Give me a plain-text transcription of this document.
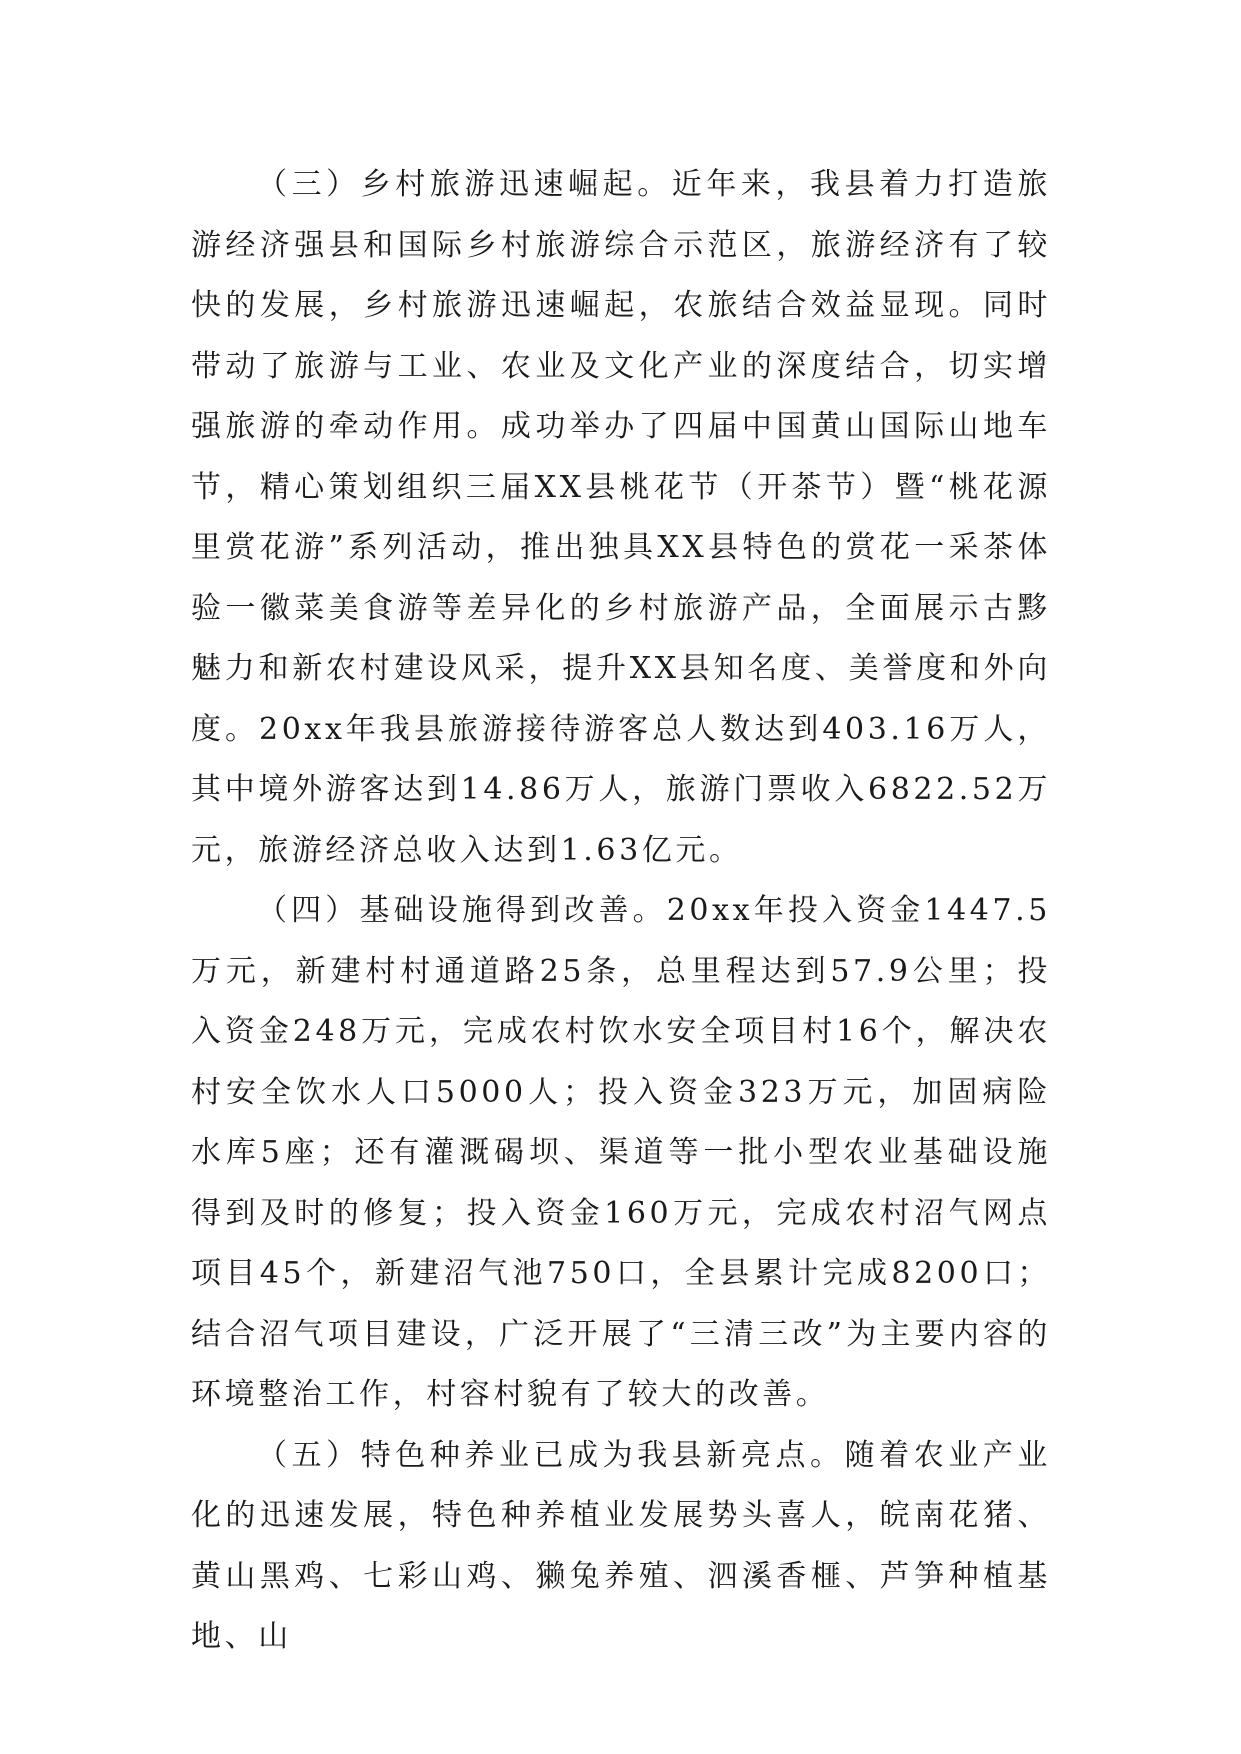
（三）乡村旅游迅速崛起。近年来，我县着力打造旅游经济强县和国际乡村旅游综合示范区，旅游经济有了较快的发展，乡村旅游迅速崛起，农旅结合效益显现。同时带动了旅游与工业、农业及文化产业的深度结合，切实增强旅游的牵动作用。成功举办了四届中国黄山国际山地车节，精心策划组织三届XX县桃花节（开茶节）暨“桃花源里赏花游”系列活动，推出独具XX县特色的赏花一采茶体验一徽菜美食游等差异化的乡村旅游产品，全面展示古黟魅力和新农村建设风采，提升XX县知名度、美誉度和外向度。20xx年我县旅游接待游客总人数达到403.16万人，其中境外游客达到14.86万人，旅游门票收入6822.52万元，旅游经济总收入达到1.63亿元。

（四）基础设施得到改善。20xx年投入资金1447.5万元，新建村村通道路25条，总里程达到57.9公里；投入资金248万元，完成农村饮水安全项目村16个，解决农村安全饮水人口5000人；投入资金323万元，加固病险水库5座；还有灌溉碣坝、渠道等一批小型农业基础设施得到及时的修复；投入资金160万元，完成农村沼气网点项目45个，新建沼气池750口，全县累计完成8200口；结合沼气项目建设，广泛开展了“三清三改”为主要内容的环境整治工作，村容村貌有了较大的改善。

（五）特色种养业已成为我县新亮点。随着农业产业化的迅速发展，特色种养植业发展势头喜人，皖南花猪、黄山黑鸡、七彩山鸡、獭兔养殖、泗溪香榧、芦笋种植基地、山
